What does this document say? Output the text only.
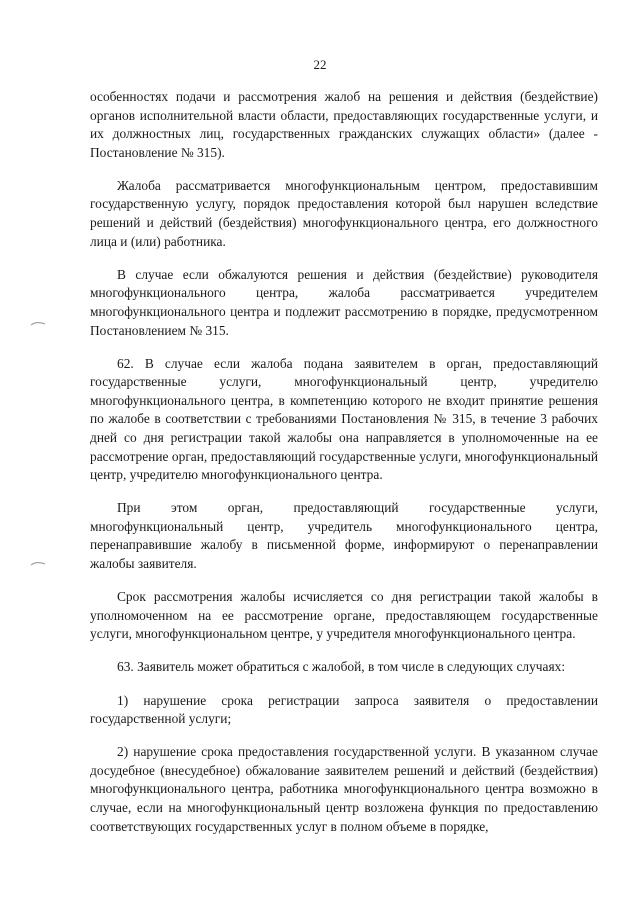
22

особенностях подачи и рассмотрения жалоб на решения и действия (бездействие) органов исполнительной власти области, предоставляющих государственные услуги, и их должностных лиц, государственных гражданских служащих области» (далее - Постановление № 315).

Жалоба рассматривается многофункциональным центром, предоставившим государственную услугу, порядок предоставления которой был нарушен вследствие решений и действий (бездействия) многофункционального центра, его должностного лица и (или) работника.

В случае если обжалуются решения и действия (бездействие) руководителя многофункционального центра, жалоба рассматривается учредителем многофункционального центра и подлежит рассмотрению в порядке, предусмотренном Постановлением № 315.

62. В случае если жалоба подана заявителем в орган, предоставляющий государственные услуги, многофункциональный центр, учредителю многофункционального центра, в компетенцию которого не входит принятие решения по жалобе в соответствии с требованиями Постановления № 315, в течение 3 рабочих дней со дня регистрации такой жалобы она направляется в уполномоченные на ее рассмотрение орган, предоставляющий государственные услуги, многофункциональный центр, учредителю многофункционального центра.

При этом орган, предоставляющий государственные услуги, многофункциональный центр, учредитель многофункционального центра, перенаправившие жалобу в письменной форме, информируют о перенаправлении жалобы заявителя.

Срок рассмотрения жалобы исчисляется со дня регистрации такой жалобы в уполномоченном на ее рассмотрение органе, предоставляющем государственные услуги, многофункциональном центре, у учредителя многофункционального центра.

63. Заявитель может обратиться с жалобой, в том числе в следующих случаях:

1) нарушение срока регистрации запроса заявителя о предоставлении государственной услуги;

2) нарушение срока предоставления государственной услуги. В указанном случае досудебное (внесудебное) обжалование заявителем решений и действий (бездействия) многофункционального центра, работника многофункционального центра возможно в случае, если на многофункциональный центр возложена функция по предоставлению соответствующих государственных услуг в полном объеме в порядке,
